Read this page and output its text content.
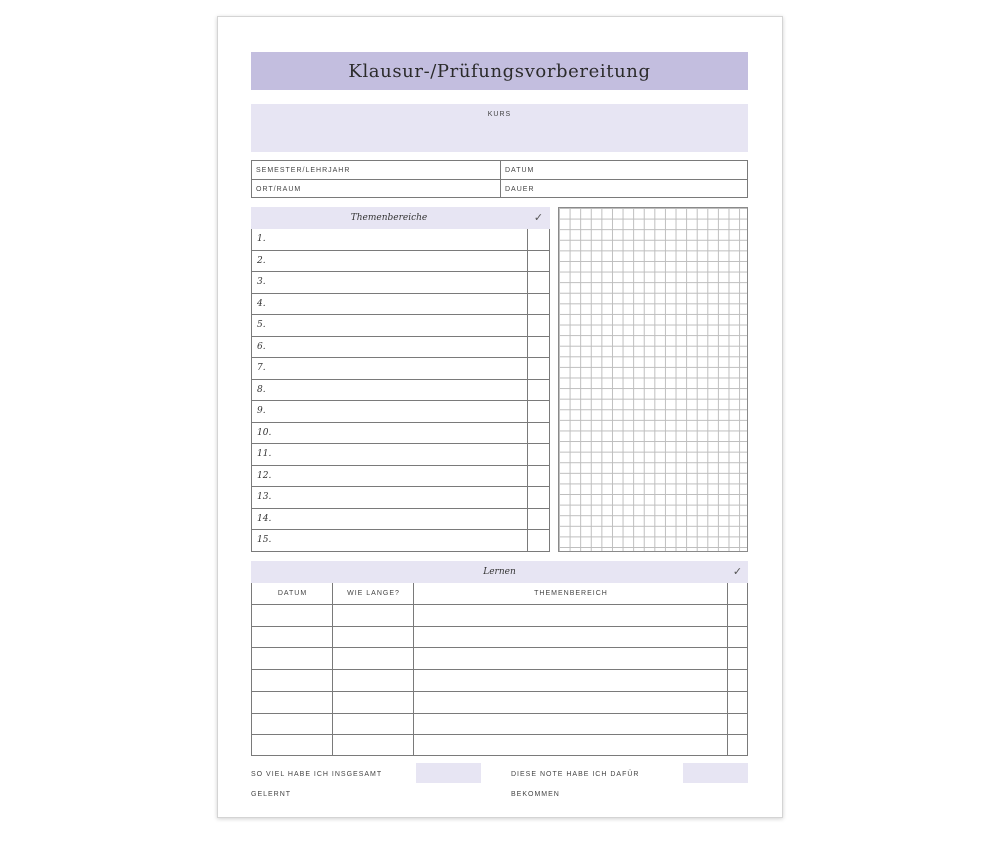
Klausur-/Prüfungsvorbereitung
KURS
SEMESTER/LEHRJAHR	DATUM
ORT/RAUM	DAUER
Themenbereiche	✓
1.
2.
3.
4.
5.
6.
7.
8.
9.
10.
11.
12.
13.
14.
15.
Lernen	✓
DATUM	WIE LANGE?	THEMENBEREICH
SO VIEL HABE ICH INSGESAMT GELERNT
DIESE NOTE HABE ICH DAFÜR BEKOMMEN
